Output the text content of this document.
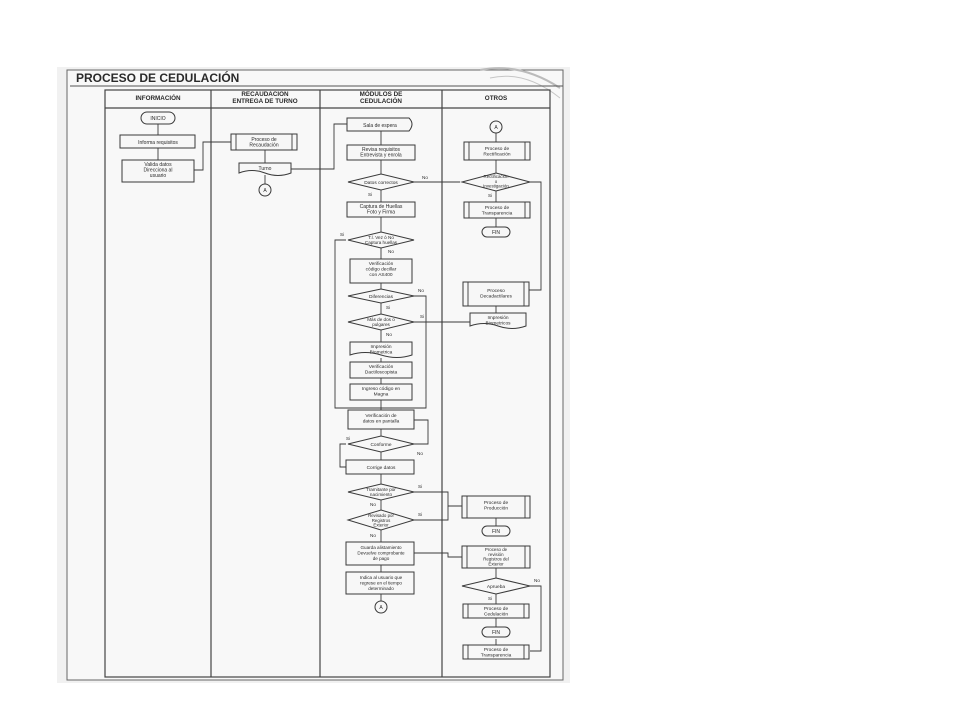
PROCESO DE CEDULACIÓN
INFORMACIÓN
RECAUDACION ENTREGA DE TURNO
MÓDULOS DE CEDULACIÓN	OTROS
INICIO
Informa requisitos
Valida datos Direcciona al usuario
Proceso de Recaudación
Turno
A
Sala de espera
Revisa requisitos Entrevista y enrola
Datos correctos
Captura de Huellas Foto y Firma
T.l. Vez ó No Captura huellas
Verificación código decillar con AS400
Diferencias
Más de dos o pulgares
Impresión Biometrica
Verificación Dactiloscopista
Ingreso código en Magna
Verificación de datos en pantalla
Conforme
Corrige datos
Tramitante por nacimiento
Revisado por Registros Exterior
Guarda alistamiento Devuelve comprobante de pago
Indica al usuario que regrese en el tiempo determinado
A
A
Proceso de Rectificación
Rectificación o Investigación
Proceso de Transparencia
FIN
Proceso Decadactilares
Impresión Biometricos
Proceso de Producción
FIN
Proceso de revisión Registros del Exterior
Aprueba
Proceso de Cedulación
FIN
Proceso de Transparencia
No
Si
Si
No
No
Si
Si
No
Si
No
Si
No
Si
No
No
Si
Si
